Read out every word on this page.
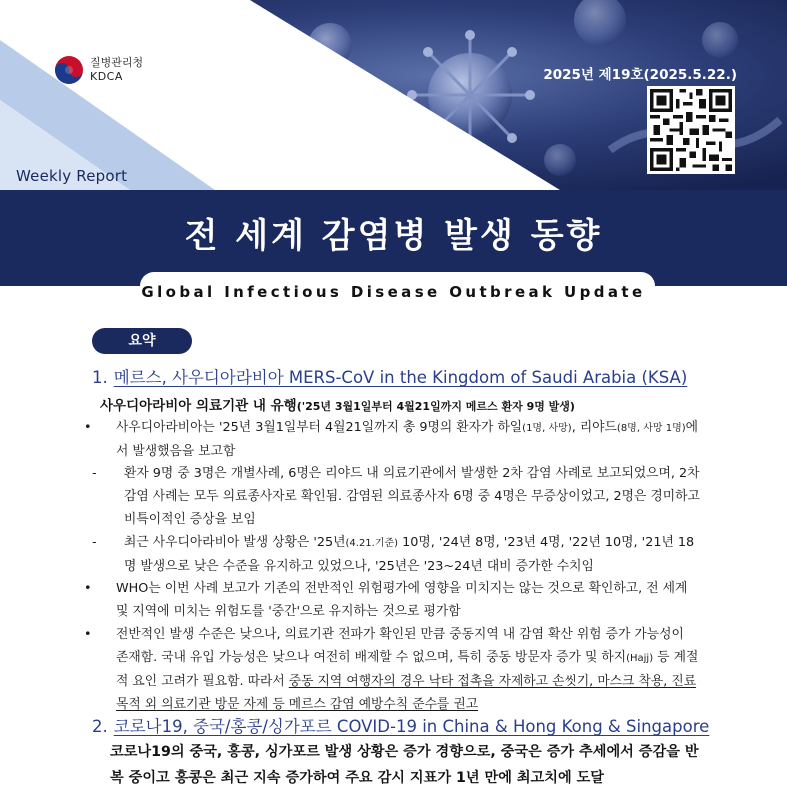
질병관리청
KDCA
Weekly Report
2025년 제19호(2025.5.22.)
전 세계 감염병 발생 동향
Global Infectious Disease Outbreak Update
요약
1. 메르스, 사우디아라비아 MERS-CoV in the Kingdom of Saudi Arabia (KSA)
사우디아라비아 의료기관 내 유행('25년 3월1일부터 4월21일까지 메르스 환자 9명 발생)
• 사우디아라비아는 '25년 3월1일부터 4월21일까지 총 9명의 환자가 하일(1명, 사망), 리야드(8명, 사망 1명)에서 발생했음을 보고함
- 환자 9명 중 3명은 개별사례, 6명은 리야드 내 의료기관에서 발생한 2차 감염 사례로 보고되었으며, 2차 감염 사례는 모두 의료종사자로 확인됨. 감염된 의료종사자 6명 중 4명은 무증상이었고, 2명은 경미하고 비특이적인 증상을 보임
- 최근 사우디아라비아 발생 상황은 '25년(4.21.기준) 10명, '24년 8명, '23년 4명, '22년 10명, '21년 18명 발생으로 낮은 수준을 유지하고 있었으나, '25년은 '23~24년 대비 증가한 수치임
• WHO는 이번 사례 보고가 기존의 전반적인 위험평가에 영향을 미치지는 않는 것으로 확인하고, 전 세계 및 지역에 미치는 위험도를 '중간'으로 유지하는 것으로 평가함
• 전반적인 발생 수준은 낮으나, 의료기관 전파가 확인된 만큼 중동지역 내 감염 확산 위험 증가 가능성이 존재함. 국내 유입 가능성은 낮으나 여전히 배제할 수 없으며, 특히 중동 방문자 증가 및 하지(Hajj) 등 계절적 요인 고려가 필요함. 따라서 중동 지역 여행자의 경우 낙타 접촉을 자제하고 손씻기, 마스크 착용, 진료 목적 외 의료기관 방문 자제 등 메르스 감염 예방수칙 준수를 권고
2. 코로나19, 중국/홍콩/싱가포르 COVID-19 in China & Hong Kong & Singapore
코로나19의 중국, 홍콩, 싱가포르 발생 상황은 증가 경향으로, 중국은 증가 추세에서 증감을 반복 중이고 홍콩은 최근 지속 증가하여 주요 감시 지표가 1년 만에 최고치에 도달
